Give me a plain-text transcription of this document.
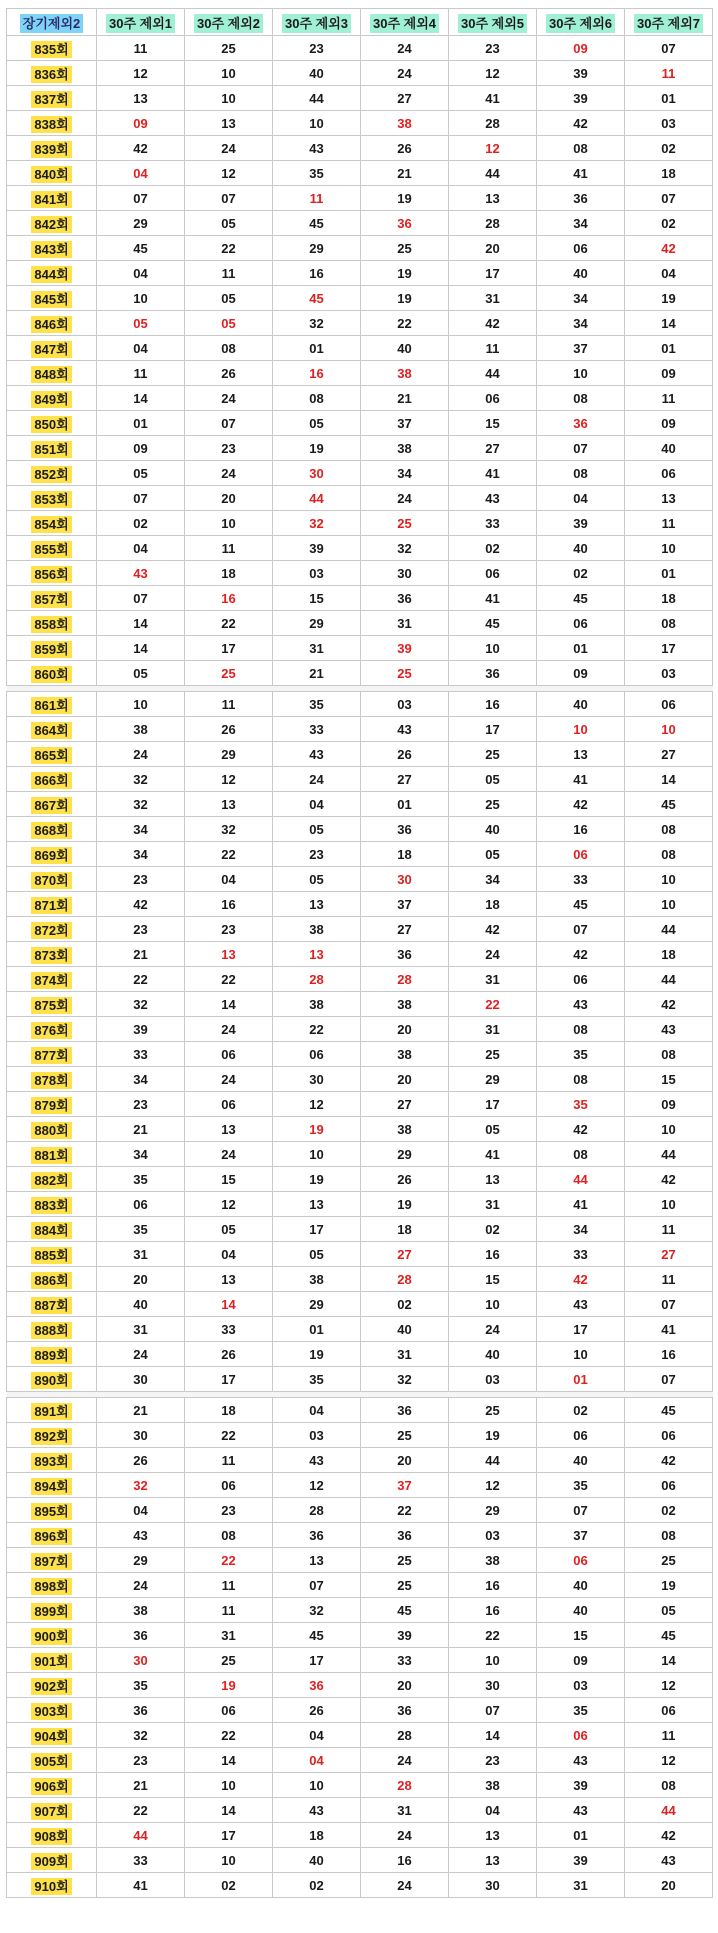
장기제외2	30주 제외1	30주 제외2	30주 제외3	30주 제외4	30주 제외5	30주 제외6	30주 제외7
835회	11	25	23	24	23	09	07
836회	12	10	40	24	12	39	11
837회	13	10	44	27	41	39	01
838회	09	13	10	38	28	42	03
839회	42	24	43	26	12	08	02
840회	04	12	35	21	44	41	18
841회	07	07	11	19	13	36	07
842회	29	05	45	36	28	34	02
843회	45	22	29	25	20	06	42
844회	04	11	16	19	17	40	04
845회	10	05	45	19	31	34	19
846회	05	05	32	22	42	34	14
847회	04	08	01	40	11	37	01
848회	11	26	16	38	44	10	09
849회	14	24	08	21	06	08	11
850회	01	07	05	37	15	36	09
851회	09	23	19	38	27	07	40
852회	05	24	30	34	41	08	06
853회	07	20	44	24	43	04	13
854회	02	10	32	25	33	39	11
855회	04	11	39	32	02	40	10
856회	43	18	03	30	06	02	01
857회	07	16	15	36	41	45	18
858회	14	22	29	31	45	06	08
859회	14	17	31	39	10	01	17
860회	05	25	21	25	36	09	03

861회	10	11	35	03	16	40	06
864회	38	26	33	43	17	10	10
865회	24	29	43	26	25	13	27
866회	32	12	24	27	05	41	14
867회	32	13	04	01	25	42	45
868회	34	32	05	36	40	16	08
869회	34	22	23	18	05	06	08
870회	23	04	05	30	34	33	10
871회	42	16	13	37	18	45	10
872회	23	23	38	27	42	07	44
873회	21	13	13	36	24	42	18
874회	22	22	28	28	31	06	44
875회	32	14	38	38	22	43	42
876회	39	24	22	20	31	08	43
877회	33	06	06	38	25	35	08
878회	34	24	30	20	29	08	15
879회	23	06	12	27	17	35	09
880회	21	13	19	38	05	42	10
881회	34	24	10	29	41	08	44
882회	35	15	19	26	13	44	42
883회	06	12	13	19	31	41	10
884회	35	05	17	18	02	34	11
885회	31	04	05	27	16	33	27
886회	20	13	38	28	15	42	11
887회	40	14	29	02	10	43	07
888회	31	33	01	40	24	17	41
889회	24	26	19	31	40	10	16
890회	30	17	35	32	03	01	07

891회	21	18	04	36	25	02	45
892회	30	22	03	25	19	06	06
893회	26	11	43	20	44	40	42
894회	32	06	12	37	12	35	06
895회	04	23	28	22	29	07	02
896회	43	08	36	36	03	37	08
897회	29	22	13	25	38	06	25
898회	24	11	07	25	16	40	19
899회	38	11	32	45	16	40	05
900회	36	31	45	39	22	15	45
901회	30	25	17	33	10	09	14
902회	35	19	36	20	30	03	12
903회	36	06	26	36	07	35	06
904회	32	22	04	28	14	06	11
905회	23	14	04	24	23	43	12
906회	21	10	10	28	38	39	08
907회	22	14	43	31	04	43	44
908회	44	17	18	24	13	01	42
909회	33	10	40	16	13	39	43
910회	41	02	02	24	30	31	20
